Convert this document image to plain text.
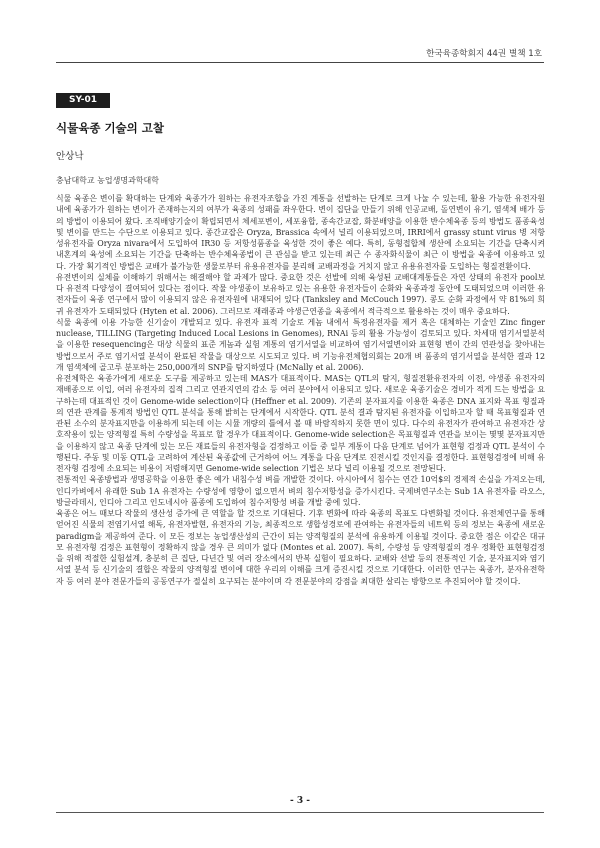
한국육종학회지 44권 별책 1호
SY-01
식물육종 기술의 고찰
안상낙
충남대학교 농업생명과학대학

식물 육종은 변이를 확대하는 단계와 육종가가 원하는 유전자조합을 가진 계통을 선발하는 단계로 크게 나눌 수 있는데, 활용 가능한 유전자원 내에 육종가가 원하는 변이가 존재하는지의 여부가 육종의 성패를 좌우한다. 변이 집단을 만들기 위해 인공교배, 돌연변이 유기, 염색체 배가 등의 방법이 이용되어 왔다. 조직배양기술이 확립되면서 체세포변이, 세포융합, 종속간교잡, 화분배양을 이용한 반수체육종 등의 방법도 품종육성 및 변이를 만드는 수단으로 이용되고 있다. 종간교잡은 Oryza, Brassica 속에서 널리 이용되었으며, IRRI에서 grassy stunt virus 병 저항성유전자를 Oryza nivara에서 도입하여 IR30 등 저항성품종을 육성한 것이 좋은 예다. 특히, 동형접합체 생산에 소요되는 기간을 단축시켜 내혼계의 육성에 소요되는 기간을 단축하는 반수체육종법이 큰 관심을 받고 있는데 최근 수 종자화식물이 최근 이 방법을 육종에 이용하고 있다. 가장 획기적인 방법은 교배가 불가능한 생물로부터 유용유전자를 분리해 교배과정을 거치지 않고 유용유전자를 도입하는 형질전환이다.

유전변이의 실체를 이해하기 위해서는 해결해야 할 과제가 많다. 중요한 것은 선발에 의해 육성된 교배대계통들은 자연 상태의 유전자 pool보다 유전적 다양성이 결여되어 있다는 점이다. 작물 야생종이 보유하고 있는 유용한 유전자들이 순화와 육종과정 동안에 도태되었으며 이러한 유전자들이 육종 연구에서 많이 이용되지 않은 유전자원에 내재되어 있다 (Tanksley and McCouch 1997). 콩도 순화 과정에서 약 81%의 희귀 유전자가 도태되었다 (Hyten et al. 2006). 그러므로 재래종과 야생근연종을 육종에서 적극적으로 활용하는 것이 매우 중요하다.

식물 육종에 이용 가능한 신기술이 개발되고 있다. 유전자 표적 기술로 게놈 내에서 특정유전자를 제거 혹은 대체하는 기술인 Zinc finger nuclease, TILLING (Targeting Induced Local Lesions in Genomes), RNAi 등의 활용 가능성이 검토되고 있다. 차세대 염기서열분석을 이용한 resequencing은 대상 식물의 표준 게놈과 실험 계통의 염기서열을 비교하여 염기서열변이와 표현형 변이 간의 연관성을 찾아내는 방법으로서 주로 염기서열 분석이 완료된 작물을 대상으로 시도되고 있다. 벼 기능유전체협의회는 20개 벼 품종의 염기서열을 분석한 결과 12개 염색체에 골고루 분포하는 250,000개의 SNP를 탐지하였다 (McNally et al. 2006).

유전체학은 육종가에게 새로운 도구를 제공하고 있는데 MAS가 대표적이다. MAS는 QTL의 탐지, 형질전환유전자의 이전, 야생종 유전자의 재배종으로 이입, 여러 유전자의 집적 그리고 연관지연의 감소 등 여러 분야에서 이용되고 있다. 새로운 육종기술은 경비가 적게 드는 방법을 요구하는데 대표적인 것이 Genome-wide selection이다 (Heffner et al. 2009). 기존의 분자표지를 이용한 육종은 DNA 표지와 목표 형질과의 연관 관계를 통계적 방법인 QTL 분석을 통해 밝히는 단계에서 시작한다. QTL 분석 결과 탐지된 유전자를 이입하고자 할 때 목표형질과 연관된 소수의 분자표지만을 이용하게 되는데 이는 시뮬 개량의 틀에서 볼 때 바람직하지 못한 면이 있다. 다수의 유전자가 관여하고 유전자간 상호작용이 있는 양적형질 특히 수량성을 목표로 할 경우가 대표적이다. Genome-wide selection은 목표형질과 연관을 보이는 몇몇 분자표지만을 이용하지 않고 육종 단계에 있는 모든 재료들의 유전자형을 검정하고 이들 중 일부 계통이 다음 단계로 넘어가 표현형 검정과 QTL 분석이 수행된다. 주동 및 미동 QTL을 고려하여 계산된 육종값에 근거하여 어느 계통을 다음 단계로 진전시킬 것인지를 결정한다. 표현형검정에 비해 유전자형 검정에 소요되는 비용이 저렴해지면 Genome-wide selection 기법은 보다 널리 이용될 것으로 전망된다.

전통적인 육종방법과 생명공학을 이용한 좋은 예가 내침수성 벼를 개발한 것이다. 아시아에서 침수는 연간 10억$의 경제적 손실을 가져오는데, 인디카벼에서 유래한 Sub 1A 유전자는 수량성에 영향이 없으면서 벼의 침수저항성을 증가시킨다. 국제벼연구소는 Sub 1A 유전자를 라오스, 방글라데시, 인디아 그리고 인도네시아 품종에 도입하여 침수저항성 벼를 개발 중에 있다.

육종은 어느 때보다 작물의 생산성 증가에 큰 역할을 할 것으로 기대된다. 기후 변화에 따라 육종의 목표도 다변화될 것이다. 유전체연구를 통해 얻어진 식물의 전염기서열 해독, 유전자발현, 유전자의 기능, 최종적으로 생합성경로에 관여하는 유전자들의 네트웍 등의 정보는 육종에 새로운 paradigm을 제공하여 준다. 이 모든 정보는 농업생산성의 근간이 되는 양적형질의 분석에 유용하게 이용될 것이다. 중요한 점은 이같은 대규모 유전자형 검정은 표현형이 정확하지 않을 경우 큰 의미가 없다 (Montes et al. 2007). 특히, 수량성 등 양적형질의 경우 정확한 표현형검정을 위해 적절한 실험설계, 충분히 큰 집단, 다년간 및 여러 장소에서의 반복 실험이 필요하다. 교배와 선발 등의 전통적인 기술, 분자표지와 염기서열 분석 등 신기술의 결합은 작물의 양적형질 변이에 대한 우리의 이해를 크게 증진시킬 것으로 기대한다. 이러한 연구는 육종가, 분자유전학자 등 여러 분야 전문가들의 공동연구가 절실히 요구되는 분야이며 각 전문분야의 강점을 최대한 살리는 방향으로 추진되어야 할 것이다.

- 3 -
